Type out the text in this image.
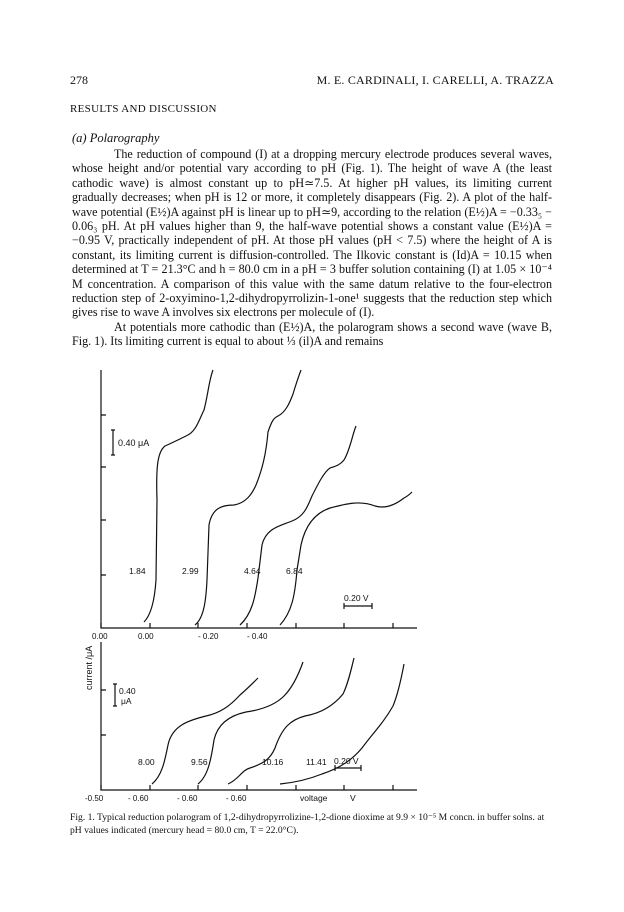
278	M. E. CARDINALI, I. CARELLI, A. TRAZZA
RESULTS AND DISCUSSION
(a) Polarography

The reduction of compound (I) at a dropping mercury electrode produces several waves, whose height and/or potential vary according to pH (Fig. 1). The height of wave A (the least cathodic wave) is almost constant up to pH≃7.5. At higher pH values, its limiting current gradually decreases; when pH is 12 or more, it completely disappears (Fig. 2). A plot of the half-wave potential (E½)A against pH is linear up to pH≃9, according to the relation (E½)A = −0.33₅ − 0.06₃ pH. At pH values higher than 9, the half-wave potential shows a constant value (E½)A = −0.95 V, practically independent of pH. At those pH values (pH < 7.5) where the height of A is constant, its limiting current is diffusion-controlled. The Ilkovic constant is (Id)A = 10.15 when determined at T = 21.3°C and h = 80.0 cm in a pH = 3 buffer solution containing (I) at 1.05 × 10⁻⁴ M concentration. A comparison of this value with the same datum relative to the four-electron reduction step of 2-oxyimino-1,2-dihydropyrrolizin-1-one¹ suggests that the reduction step which gives rise to wave A involves six electrons per molecule of (I).

At potentials more cathodic than (E½)A, the polarogram shows a second wave (wave B, Fig. 1). Its limiting current is equal to about ⅓ (il)A and remains

0.40 μA
1.84	2.99	4.64	6.84
0.20 V
0.00	0.00	- 0.20	- 0.40
0.40
μA
8.00	9.56	10.16	11.41 0.20 V
-0.50	- 0.60	- 0.60	- 0.60
current /μA
voltage	V
Fig. 1. Typical reduction polarogram of 1,2-dihydropyrrolizine-1,2-dione dioxime at 9.9 × 10⁻⁵ M concn. in buffer solns. at pH values indicated (mercury head = 80.0 cm, T = 22.0°C).
